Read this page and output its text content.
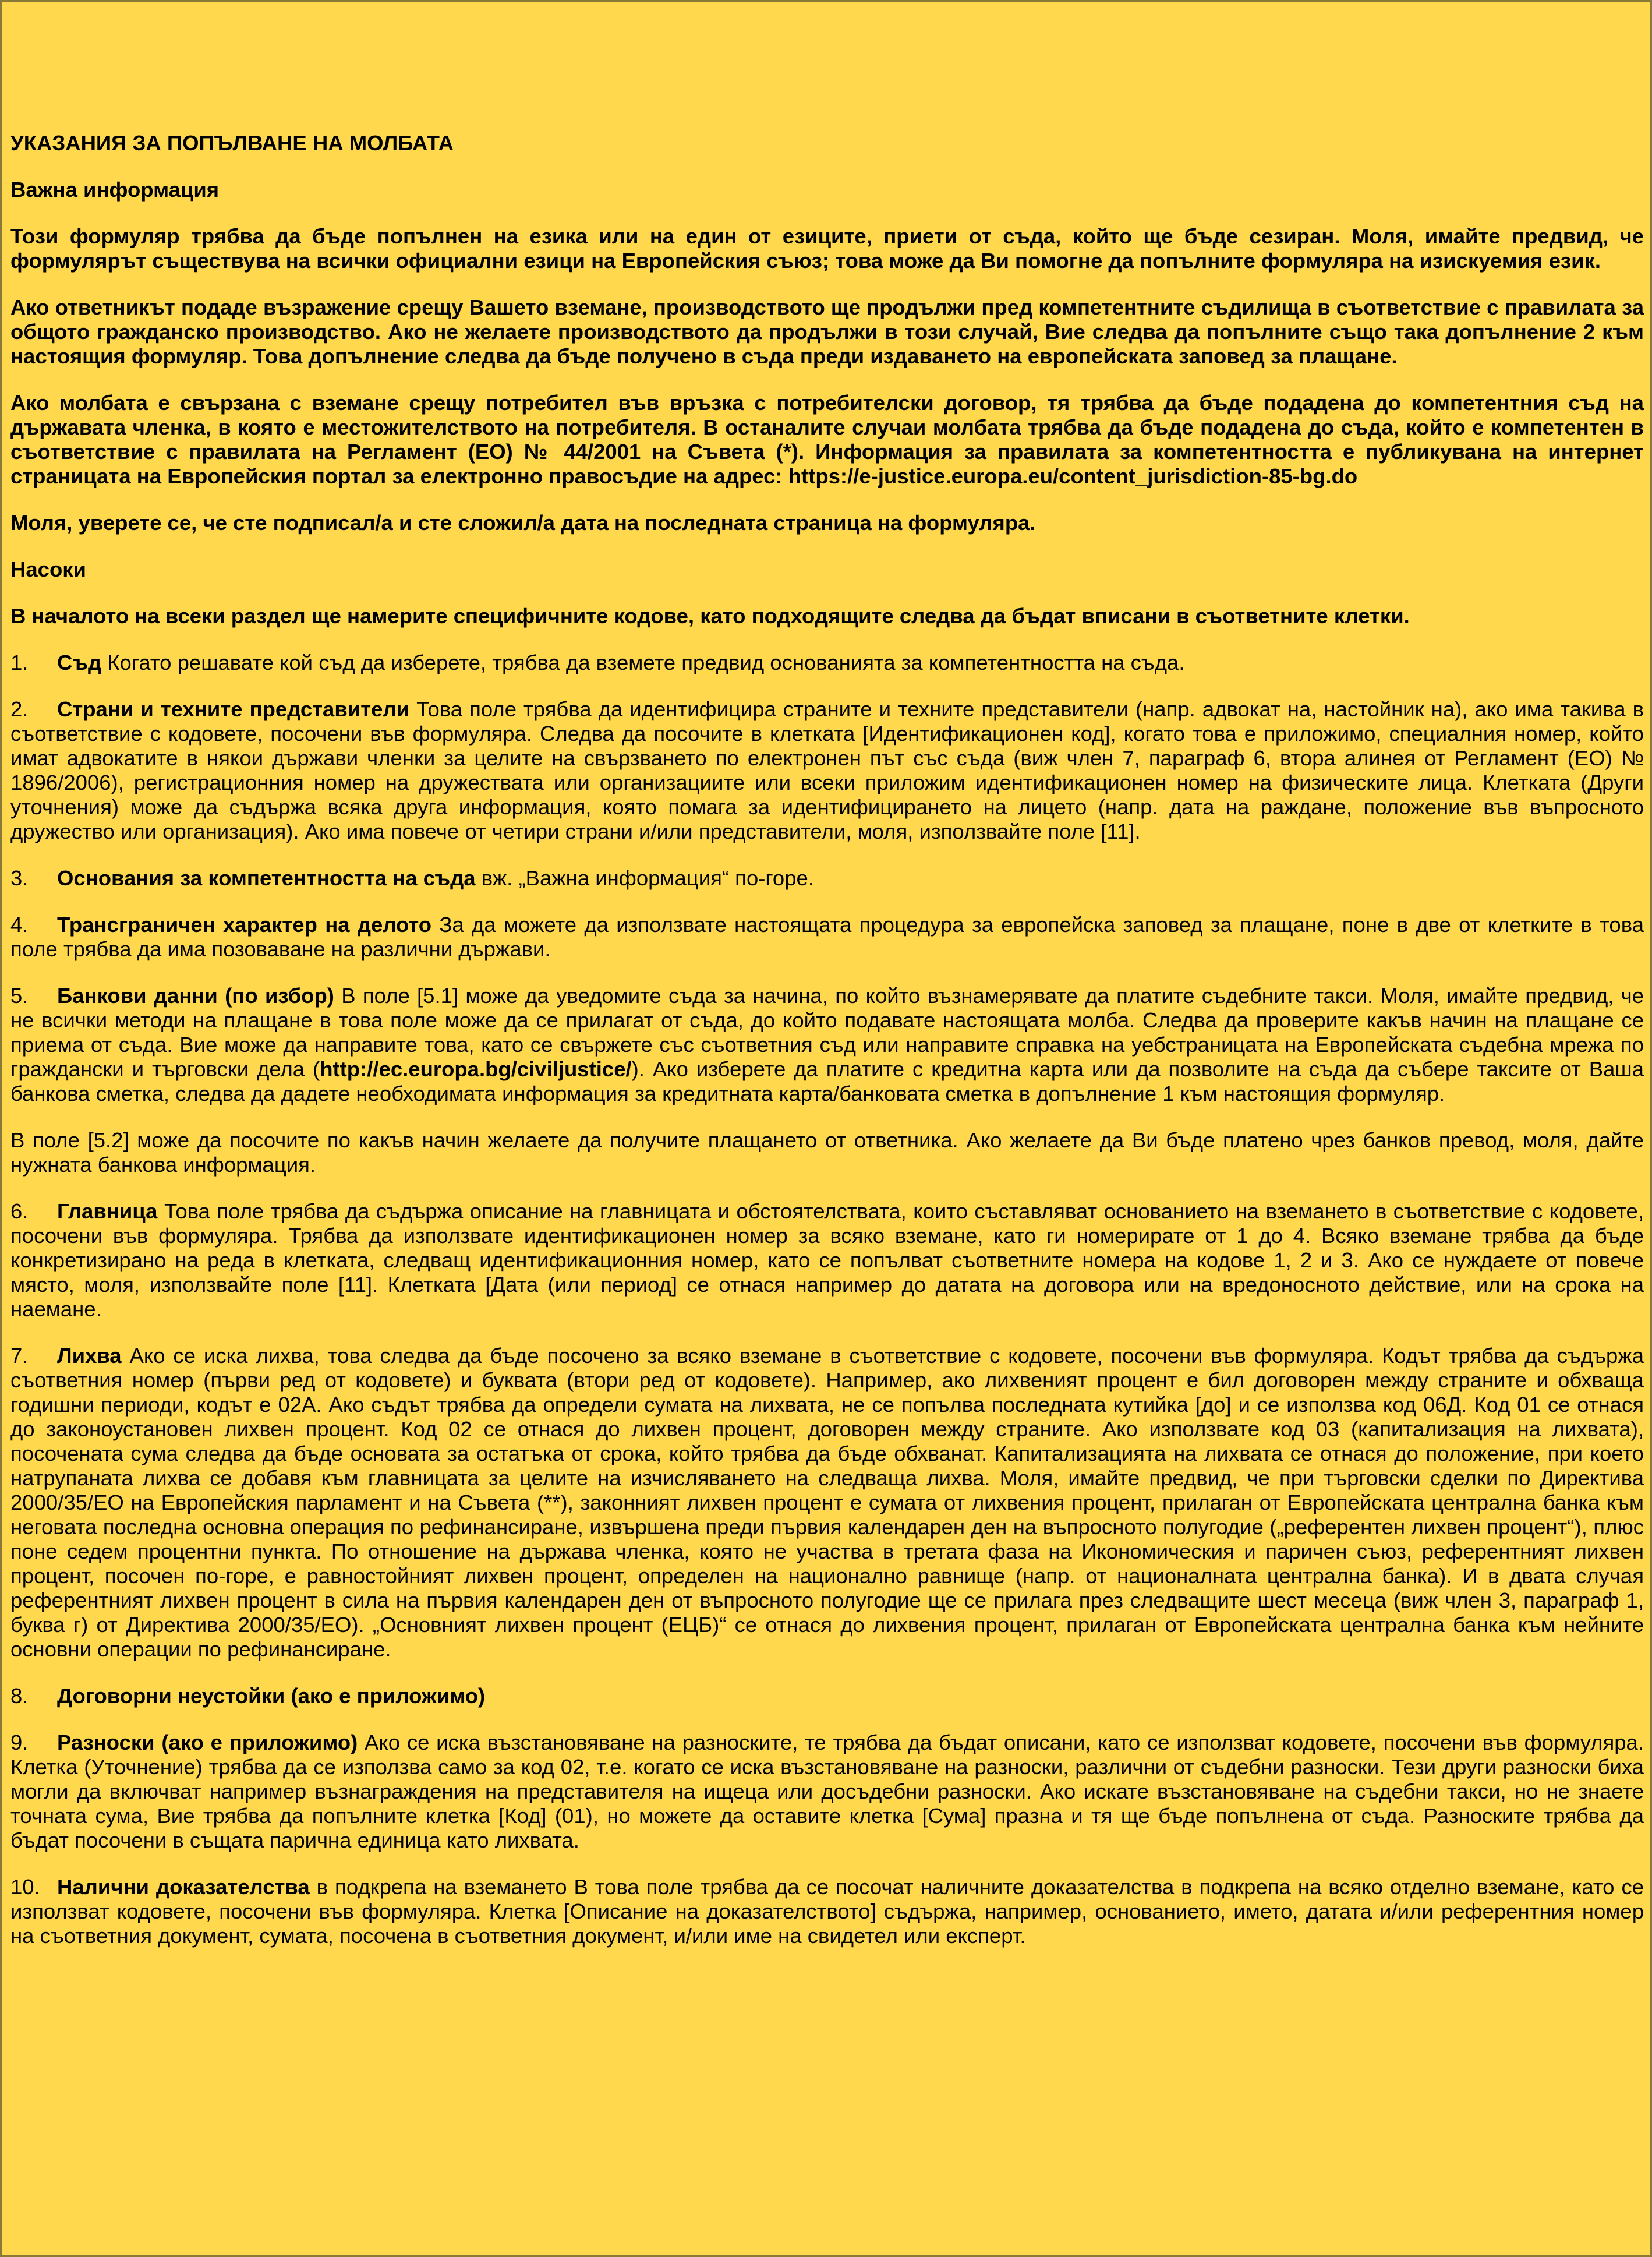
УКАЗАНИЯ ЗА ПОПЪЛВАНЕ НА МОЛБАТА

Важна информация

Този формуляр трябва да бъде попълнен на езика или на един от езиците, приети от съда, който ще бъде сезиран. Моля, имайте предвид, че формулярът съществува на всички официални езици на Европейския съюз; това може да Ви помогне да попълните формуляра на изискуемия език.

Ако ответникът подаде възражение срещу Вашето вземане, производството ще продължи пред компетентните съдилища в съответствие с правилата за общото гражданско производство. Ако не желаете производството да продължи в този случай, Вие следва да попълните също така допълнение 2 към настоящия формуляр. Това допълнение следва да бъде получено в съда преди издаването на европейската заповед за плащане.

Ако молбата е свързана с вземане срещу потребител във връзка с потребителски договор, тя трябва да бъде подадена до компетентния съд на държавата членка, в която е местожителството на потребителя. В останалите случаи молбата трябва да бъде подадена до съда, който е компетентен в съответствие с правилата на Регламент (ЕО) № 44/2001 на Съвета (*). Информация за правилата за компетентността е публикувана на интернет страницата на Европейския портал за електронно правосъдие на адрес: https://e-justice.europa.eu/content_jurisdiction-85-bg.do

Моля, уверете се, че сте подписал/а и сте сложил/а дата на последната страница на формуляра.

Насоки

В началото на всеки раздел ще намерите специфичните кодове, като подходящите следва да бъдат вписани в съответните клетки.

1. Съд Когато решавате кой съд да изберете, трябва да вземете предвид основанията за компетентността на съда.

2. Страни и техните представители Това поле трябва да идентифицира страните и техните представители (напр. адвокат на, настойник на), ако има такива в съответствие с кодовете, посочени във формуляра. Следва да посочите в клетката [Идентификационен код], когато това е приложимо, специалния номер, който имат адвокатите в някои държави членки за целите на свързването по електронен път със съда (виж член 7, параграф 6, втора алинея от Регламент (ЕО) № 1896/2006), регистрационния номер на дружествата или организациите или всеки приложим идентификационен номер на физическите лица. Клетката (Други уточнения) може да съдържа всяка друга информация, която помага за идентифицирането на лицето (напр. дата на раждане, положение във въпросното дружество или организация). Ако има повече от четири страни и/или представители, моля, използвайте поле [11].

3. Основания за компетентността на съда вж. „Важна информация“ по-горе.

4. Трансграничен характер на делото За да можете да използвате настоящата процедура за европейска заповед за плащане, поне в две от клетките в това поле трябва да има позоваване на различни държави.

5. Банкови данни (по избор) В поле [5.1] може да уведомите съда за начина, по който възнамерявате да платите съдебните такси. Моля, имайте предвид, че не всички методи на плащане в това поле може да се прилагат от съда, до който подавате настоящата молба. Следва да проверите какъв начин на плащане се приема от съда. Вие може да направите това, като се свържете със съответния съд или направите справка на уебстраницата на Европейската съдебна мрежа по граждански и търговски дела (http://ec.europa.bg/civiljustice/). Ако изберете да платите с кредитна карта или да позволите на съда да събере таксите от Ваша банкова сметка, следва да дадете необходимата информация за кредитната карта/банковата сметка в допълнение 1 към настоящия формуляр.

В поле [5.2] може да посочите по какъв начин желаете да получите плащането от ответника. Ако желаете да Ви бъде платено чрез банков превод, моля, дайте нужната банкова информация.

6. Главница Това поле трябва да съдържа описание на главницата и обстоятелствата, които съставляват основанието на вземането в съответствие с кодовете, посочени във формуляра. Трябва да използвате идентификационен номер за всяко вземане, като ги номерирате от 1 до 4. Всяко вземане трябва да бъде конкретизирано на реда в клетката, следващ идентификационния номер, като се попълват съответните номера на кодове 1, 2 и 3. Ако се нуждаете от повече място, моля, използвайте поле [11]. Клетката [Дата (или период] се отнася например до датата на договора или на вредоносното действие, или на срока на наемане.

7. Лихва Ако се иска лихва, това следва да бъде посочено за всяко вземане в съответствие с кодовете, посочени във формуляра. Кодът трябва да съдържа съответния номер (първи ред от кодовете) и буквата (втори ред от кодовете). Например, ако лихвеният процент е бил договорен между страните и обхваща годишни периоди, кодът е 02А. Ако съдът трябва да определи сумата на лихвата, не се попълва последната кутийка [до] и се използва код 06Д. Код 01 се отнася до законоустановен лихвен процент. Код 02 се отнася до лихвен процент, договорен между страните. Ако използвате код 03 (капитализация на лихвата), посочената сума следва да бъде основата за остатъка от срока, който трябва да бъде обхванат. Капитализацията на лихвата се отнася до положение, при което натрупаната лихва се добавя към главницата за целите на изчисляването на следваща лихва. Моля, имайте предвид, че при търговски сделки по Директива 2000/35/ЕО на Европейския парламент и на Съвета (**), законният лихвен процент е сумата от лихвения процент, прилаган от Европейската централна банка към неговата последна основна операция по рефинансиране, извършена преди първия календарен ден на въпросното полугодие („референтен лихвен процент“), плюс поне седем процентни пункта. По отношение на държава членка, която не участва в третата фаза на Икономическия и паричен съюз, референтният лихвен процент, посочен по-горе, е равностойният лихвен процент, определен на национално равнище (напр. от националната централна банка). И в двата случая референтният лихвен процент в сила на първия календарен ден от въпросното полугодие ще се прилага през следващите шест месеца (виж член 3, параграф 1, буква г) от Директива 2000/35/ЕО). „Основният лихвен процент (ЕЦБ)“ се отнася до лихвения процент, прилаган от Европейската централна банка към нейните основни операции по рефинансиране.

8. Договорни неустойки (ако е приложимо)

9. Разноски (ако е приложимо) Ако се иска възстановяване на разноските, те трябва да бъдат описани, като се използват кодовете, посочени във формуляра. Клетка (Уточнение) трябва да се използва само за код 02, т.е. когато се иска възстановяване на разноски, различни от съдебни разноски. Тези други разноски биха могли да включват например възнаграждения на представителя на ищеца или досъдебни разноски. Ако искате възстановяване на съдебни такси, но не знаете точната сума, Вие трябва да попълните клетка [Код] (01), но можете да оставите клетка [Сума] празна и тя ще бъде попълнена от съда. Разноските трябва да бъдат посочени в същата парична единица като лихвата.

10. Налични доказателства в подкрепа на вземането В това поле трябва да се посочат наличните доказателства в подкрепа на всяко отделно вземане, като се използват кодовете, посочени във формуляра. Клетка [Описание на доказателството] съдържа, например, основанието, името, датата и/или референтния номер на съответния документ, сумата, посочена в съответния документ, и/или име на свидетел или експерт.
